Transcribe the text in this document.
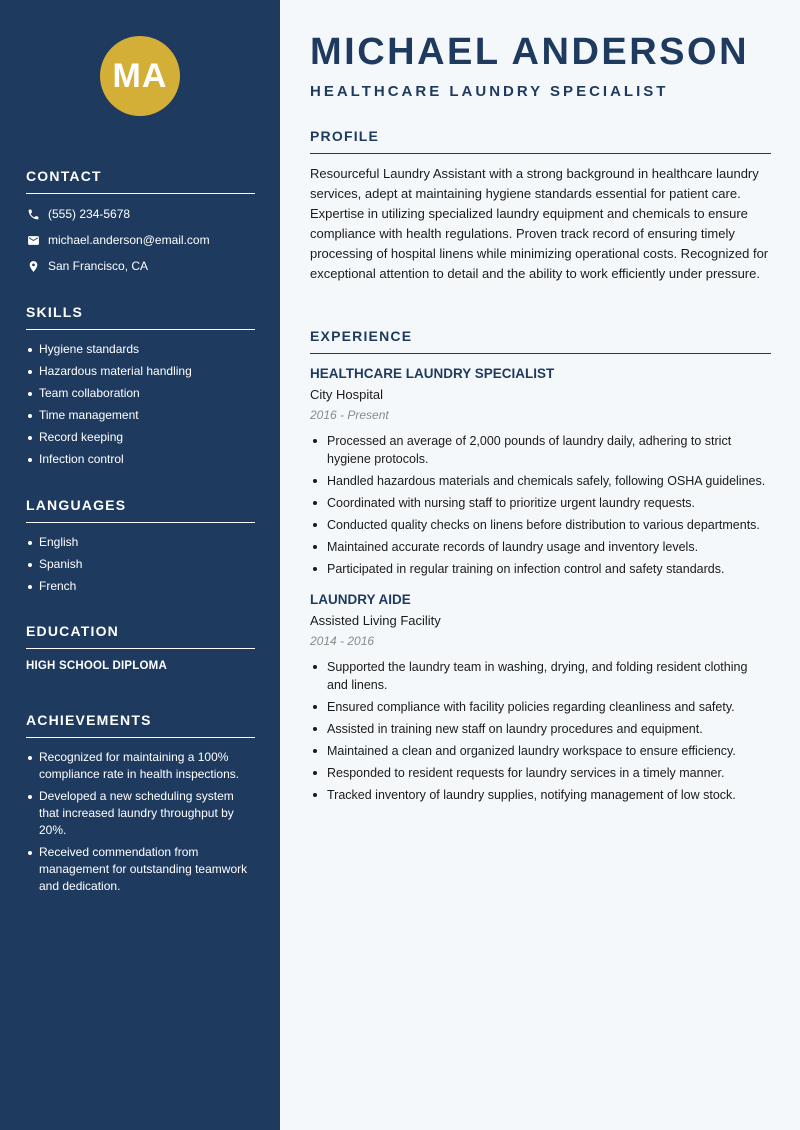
MA
CONTACT
(555) 234-5678
michael.anderson@email.com
San Francisco, CA
SKILLS
Hygiene standards
Hazardous material handling
Team collaboration
Time management
Record keeping
Infection control
LANGUAGES
English
Spanish
French
EDUCATION
HIGH SCHOOL DIPLOMA
ACHIEVEMENTS
Recognized for maintaining a 100% compliance rate in health inspections.
Developed a new scheduling system that increased laundry throughput by 20%.
Received commendation from management for outstanding teamwork and dedication.
MICHAEL ANDERSON
HEALTHCARE LAUNDRY SPECIALIST
PROFILE

Resourceful Laundry Assistant with a strong background in healthcare laundry services, adept at maintaining hygiene standards essential for patient care. Expertise in utilizing specialized laundry equipment and chemicals to ensure compliance with health regulations. Proven track record of ensuring timely processing of hospital linens while minimizing operational costs. Recognized for exceptional attention to detail and the ability to work efficiently under pressure.

EXPERIENCE

HEALTHCARE LAUNDRY SPECIALIST

City Hospital

2016 - Present

Processed an average of 2,000 pounds of laundry daily, adhering to strict hygiene protocols.
Handled hazardous materials and chemicals safely, following OSHA guidelines.
Coordinated with nursing staff to prioritize urgent laundry requests.
Conducted quality checks on linens before distribution to various departments.
Maintained accurate records of laundry usage and inventory levels.
Participated in regular training on infection control and safety standards.

LAUNDRY AIDE

Assisted Living Facility

2014 - 2016

Supported the laundry team in washing, drying, and folding resident clothing and linens.
Ensured compliance with facility policies regarding cleanliness and safety.
Assisted in training new staff on laundry procedures and equipment.
Maintained a clean and organized laundry workspace to ensure efficiency.
Responded to resident requests for laundry services in a timely manner.
Tracked inventory of laundry supplies, notifying management of low stock.
